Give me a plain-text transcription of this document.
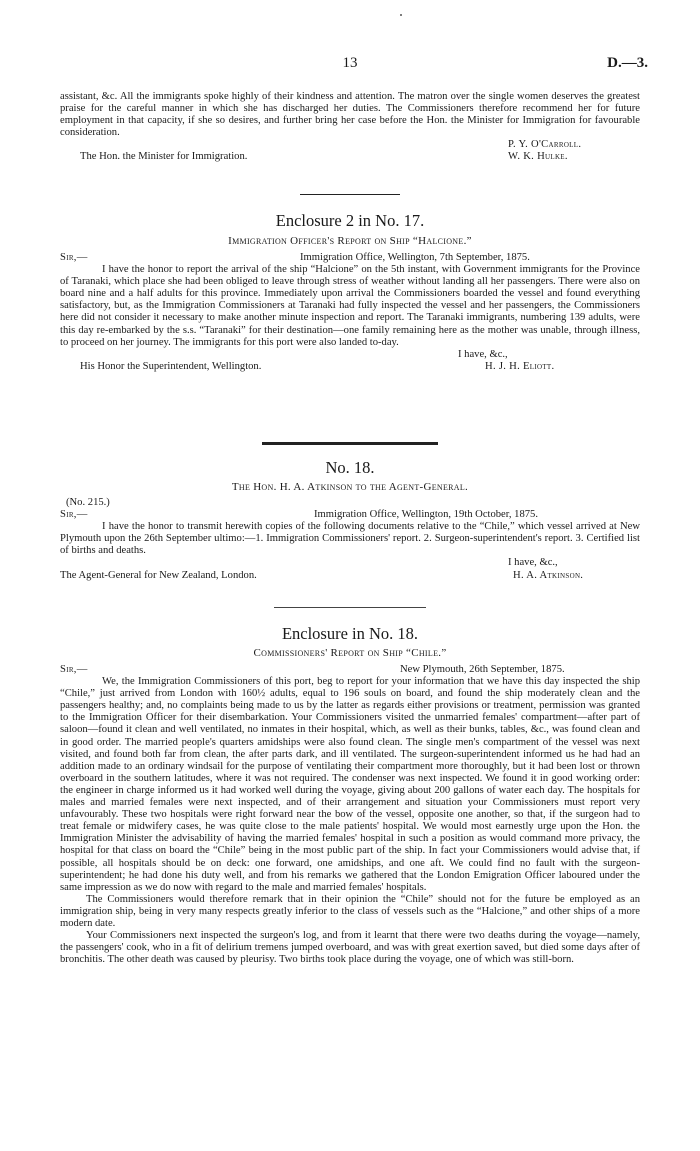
13	D.—3.

assistant, &c. All the immigrants spoke highly of their kindness and attention. The matron over the single women deserves the greatest praise for the careful manner in which she has discharged her duties. The Commissioners therefore recommend her for future employment in that capacity, if she so desires, and further bring her case before the Hon. the Minister for Immigration for favourable consideration.

P. Y. O'Carroll.
The Hon. the Minister for Immigration.	W. K. Hulke.
Enclosure 2 in No. 17.
Immigration Officer's Report on Ship “Halcione.”
Sir,—	Immigration Office, Wellington, 7th September, 1875.

I have the honor to report the arrival of the ship “Halcione” on the 5th instant, with Government immigrants for the Province of Taranaki, which place she had been obliged to leave through stress of weather without landing all her passengers. There were also on board nine and a half adults for this province. Immediately upon arrival the Commissioners boarded the vessel and found everything satisfactory, but, as the Immigration Commissioners at Taranaki had fully inspected the vessel and her passengers, the Commissioners here did not consider it necessary to make another minute inspection and report. The Taranaki immigrants, numbering 139 adults, were this day re-embarked by the s.s. “Taranaki” for their destination—one family remaining here as the mother was unable, through illness, to proceed on her journey. The immigrants for this port were also landed to-day.

I have, &c.,
His Honor the Superintendent, Wellington.	H. J. H. Eliott.
No. 18.
The Hon. H. A. Atkinson to the Agent-General.
(No. 215.)
Sir,—	Immigration Office, Wellington, 19th October, 1875.

I have the honor to transmit herewith copies of the following documents relative to the “Chile,” which vessel arrived at New Plymouth upon the 26th September ultimo:—1. Immigration Commissioners' report. 2. Surgeon-superintendent's report. 3. Certified list of births and deaths.

I have, &c.,
The Agent-General for New Zealand, London.	H. A. Atkinson.
Enclosure in No. 18.
Commissioners' Report on Ship “Chile.”
Sir,—	New Plymouth, 26th September, 1875.

We, the Immigration Commissioners of this port, beg to report for your information that we have this day inspected the ship “Chile,” just arrived from London with 160½ adults, equal to 196 souls on board, and found the ship moderately clean and the passengers healthy; and, no complaints being made to us by the latter as regards either provisions or treatment, permission was granted to the Immigration Officer for their disembarkation. Your Commissioners visited the unmarried females' compartment—after part of saloon—found it clean and well ventilated, no inmates in their hospital, which, as well as their bunks, tables, &c., was found clean and in good order. The married people's quarters amidships were also found clean. The single men's compartment of the vessel was next visited, and found both far from clean, the after parts dark, and ill ventilated. The surgeon-superintendent informed us he had had an addition made to an ordinary windsail for the purpose of ventilating their compartment more thoroughly, but it had been lost or thrown overboard in the southern latitudes, where it was not required. The condenser was next inspected. We found it in good working order: the engineer in charge informed us it had worked well during the voyage, giving about 200 gallons of water each day. The hospitals for males and married females were next inspected, and of their arrangement and situation your Commissioners must report very unfavourably. These two hospitals were right forward near the bow of the vessel, opposite one another, so that, if the surgeon had to treat female or midwifery cases, he was quite close to the male patients' hospital. We would most earnestly urge upon the Hon. the Immigration Minister the advisability of having the married females' hospital in such a position as would command more privacy, the hospital for that class on board the “Chile” being in the most public part of the ship. In fact your Commissioners would advise that, if possible, all hospitals should be on deck: one forward, one amidships, and one aft. We could find no fault with the surgeon-superintendent; he had done his duty well, and from his remarks we gathered that the London Emigration Officer laboured under the same impression as we do now with regard to the male and married females' hospitals.

The Commissioners would therefore remark that in their opinion the “Chile” should not for the future be employed as an immigration ship, being in very many respects greatly inferior to the class of vessels such as the “Halcione,” and other ships of a more modern date.

Your Commissioners next inspected the surgeon's log, and from it learnt that there were two deaths during the voyage—namely, the passengers' cook, who in a fit of delirium tremens jumped overboard, and was with great exertion saved, but died some days after of bronchitis. The other death was caused by pleurisy. Two births took place during the voyage, one of which was still-born.
